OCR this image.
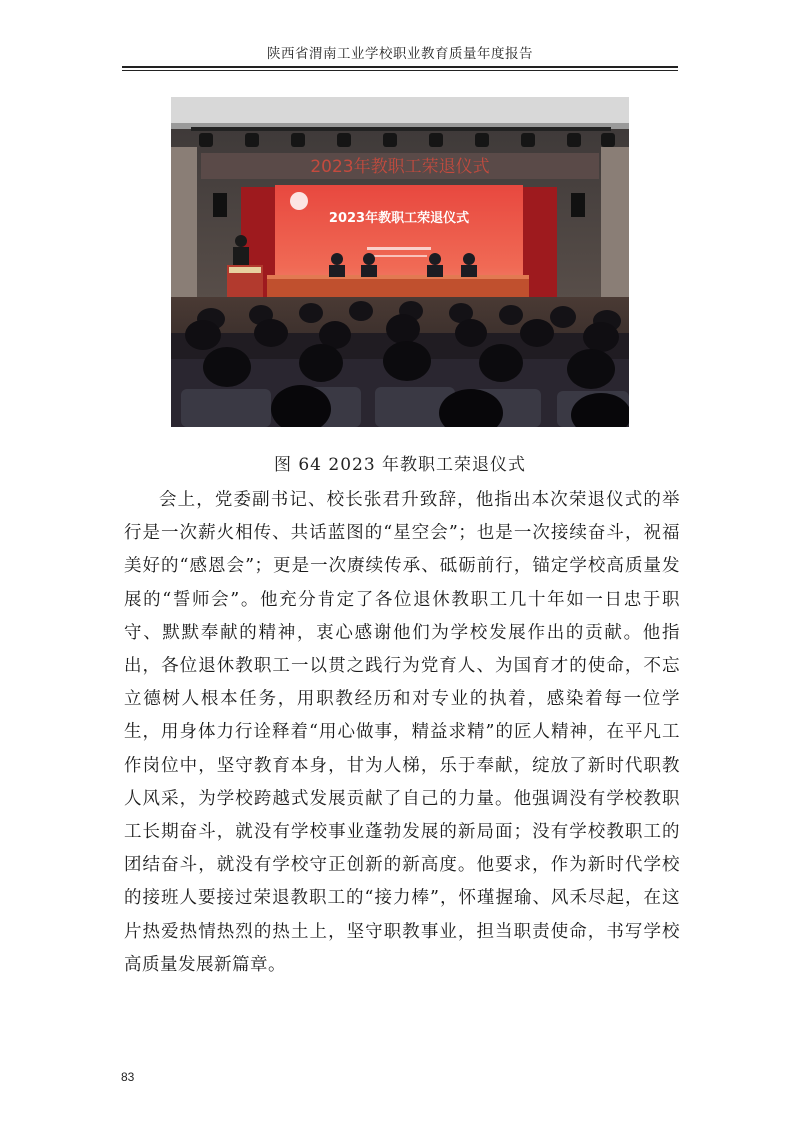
陕西省渭南工业学校职业教育质量年度报告
2023年教职工荣退仪式
2023年教职工荣退仪式
图 64 2023 年教职工荣退仪式

会上，党委副书记、校长张君升致辞，他指出本次荣退仪式的举行是一次薪火相传、共话蓝图的“星空会”；也是一次接续奋斗，祝福美好的“感恩会”；更是一次赓续传承、砥砺前行，锚定学校高质量发展的“誓师会”。他充分肯定了各位退休教职工几十年如一日忠于职守、默默奉献的精神，衷心感谢他们为学校发展作出的贡献。他指出，各位退休教职工一以贯之践行为党育人、为国育才的使命，不忘立德树人根本任务，用职教经历和对专业的执着，感染着每一位学生，用身体力行诠释着“用心做事，精益求精”的匠人精神，在平凡工作岗位中，坚守教育本身，甘为人梯，乐于奉献，绽放了新时代职教人风采，为学校跨越式发展贡献了自己的力量。他强调没有学校教职工长期奋斗，就没有学校事业蓬勃发展的新局面；没有学校教职工的团结奋斗，就没有学校守正创新的新高度。他要求，作为新时代学校的接班人要接过荣退教职工的“接力棒”，怀瑾握瑜、风禾尽起，在这片热爱热情热烈的热土上，坚守职教事业，担当职责使命，书写学校高质量发展新篇章。

83
